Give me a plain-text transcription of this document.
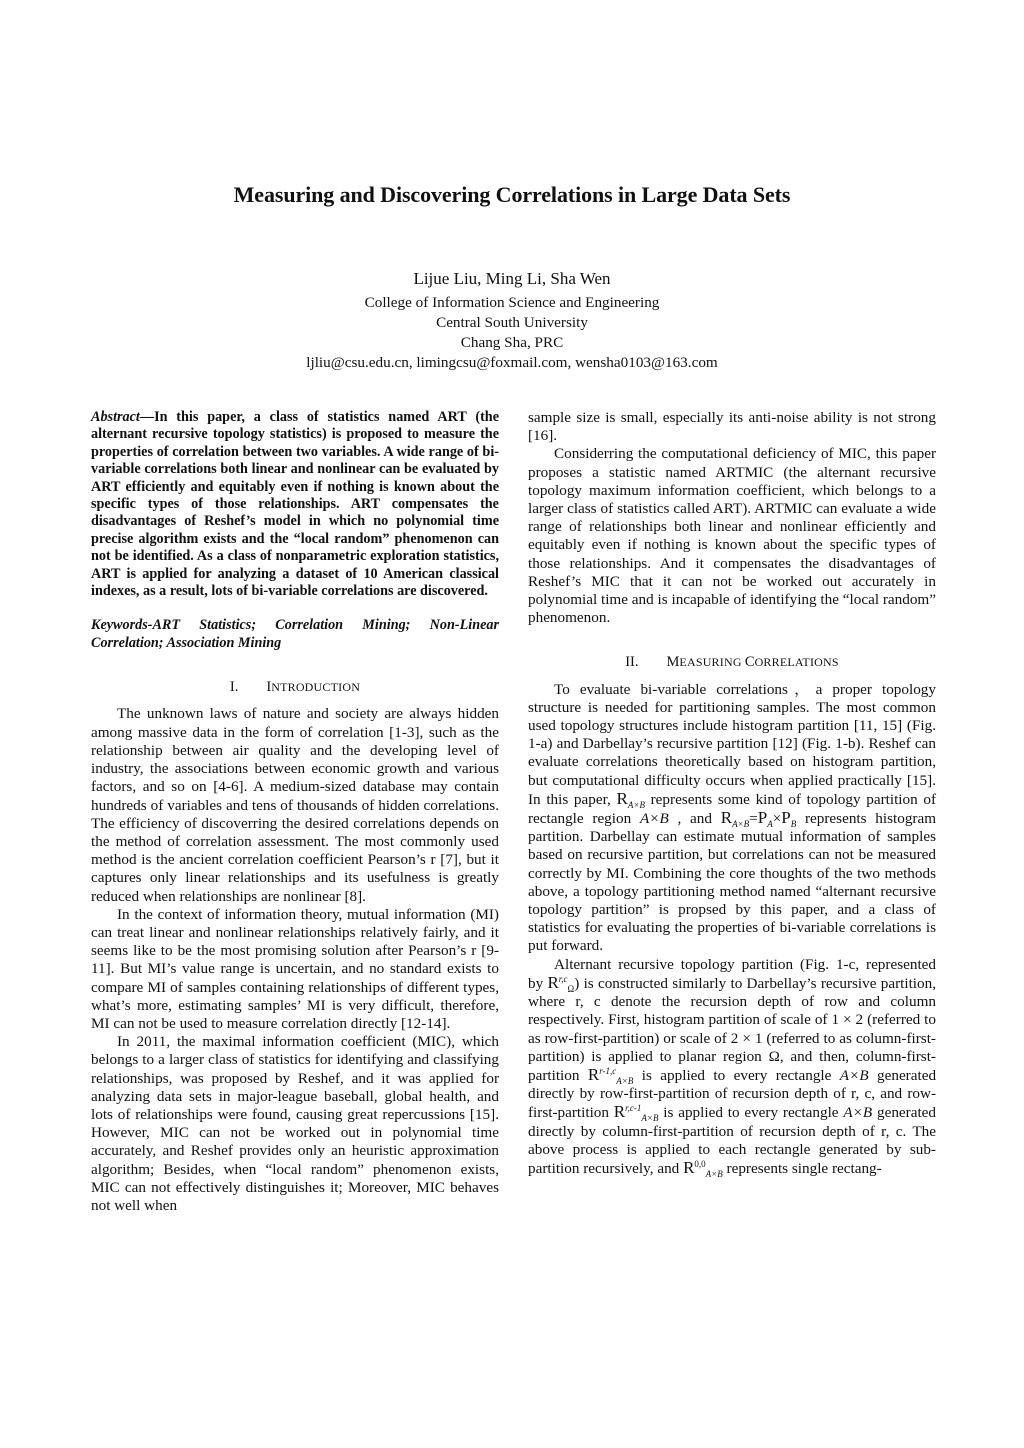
Measuring and Discovering Correlations in Large Data Sets
Lijue Liu, Ming Li, Sha Wen
College of Information Science and Engineering
Central South University
Chang Sha, PRC
ljliu@csu.edu.cn, limingcsu@foxmail.com, wensha0103@163.com

Abstract—In this paper, a class of statistics named ART (the alternant recursive topology statistics) is proposed to measure the properties of correlation between two variables. A wide range of bi-variable correlations both linear and nonlinear can be evaluated by ART efficiently and equitably even if nothing is known about the specific types of those relationships. ART compensates the disadvantages of Reshef’s model in which no polynomial time precise algorithm exists and the “local random” phenomenon can not be identified. As a class of nonparametric exploration statistics, ART is applied for analyzing a dataset of 10 American classical indexes, as a result, lots of bi-variable correlations are discovered.

Keywords-ART Statistics; Correlation Mining; Non-Linear Correlation; Association Mining

I. INTRODUCTION

The unknown laws of nature and society are always hidden among massive data in the form of correlation [1-3], such as the relationship between air quality and the developing level of industry, the associations between economic growth and various factors, and so on [4-6]. A medium-sized database may contain hundreds of variables and tens of thousands of hidden correlations. The efficiency of discoverring the desired correlations depends on the method of correlation assessment. The most commonly used method is the ancient correlation coefficient Pearson’s r [7], but it captures only linear relationships and its usefulness is greatly reduced when relationships are nonlinear [8].

In the context of information theory, mutual information (MI) can treat linear and nonlinear relationships relatively fairly, and it seems like to be the most promising solution after Pearson’s r [9-11]. But MI’s value range is uncertain, and no standard exists to compare MI of samples containing relationships of different types, what’s more, estimating samples’ MI is very difficult, therefore, MI can not be used to measure correlation directly [12-14].

In 2011, the maximal information coefficient (MIC), which belongs to a larger class of statistics for identifying and classifying relationships, was proposed by Reshef, and it was applied for analyzing data sets in major-league baseball, global health, and lots of relationships were found, causing great repercussions [15]. However, MIC can not be worked out in polynomial time accurately, and Reshef provides only an heuristic approximation algorithm; Besides, when “local random” phenomenon exists, MIC can not effectively distinguishes it; Moreover, MIC behaves not well when

sample size is small, especially its anti-noise ability is not strong [16].

Considerring the computational deficiency of MIC, this paper proposes a statistic named ARTMIC (the alternant recursive topology maximum information coefficient, which belongs to a larger class of statistics called ART). ARTMIC can evaluate a wide range of relationships both linear and nonlinear efficiently and equitably even if nothing is known about the specific types of those relationships. And it compensates the disadvantages of Reshef’s MIC that it can not be worked out accurately in polynomial time and is incapable of identifying the “local random” phenomenon.

II. MEASURING CORRELATIONS

To evaluate bi-variable correlations，a proper topology structure is needed for partitioning samples. The most common used topology structures include histogram partition [11, 15] (Fig. 1-a) and Darbellay’s recursive partition [12] (Fig. 1-b). Reshef can evaluate correlations theoretically based on histogram partition, but computational difficulty occurs when applied practically [15]. In this paper, $R_{A\times B}$ represents some kind of topology partition of rectangle region A×B , and $R_{A\times B}=P_A\times P_B$ represents histogram partition. Darbellay can estimate mutual information of samples based on recursive partition, but correlations can not be measured correctly by MI. Combining the core thoughts of the two methods above, a topology partitioning method named “alternant recursive topology partition” is propsed by this paper, and a class of statistics for evaluating the properties of bi-variable correlations is put forward.

Alternant recursive topology partition (Fig. 1-c, represented by R$^{r,c}_\Omega$) is constructed similarly to Darbellay’s recursive partition, where r, c denote the recursion depth of row and column respectively. First, histogram partition of scale of 1 × 2 (referred to as row-first-partition) or scale of 2 × 1 (referred to as column-first-partition) is applied to planar region Ω, and then, column-first-partition R$^{r-1,c}_{A\times B}$ is applied to every rectangle A×B generated directly by row-first-partition of recursion depth of r, c, and row-first-partition R$^{r,c-1}_{A\times B}$ is applied to every rectangle A×B generated directly by column-first-partition of recursion depth of r, c. The above process is applied to each rectangle generated by sub-partition recursively, and R$^{0,0}_{A\times B}$ represents single rectang-
